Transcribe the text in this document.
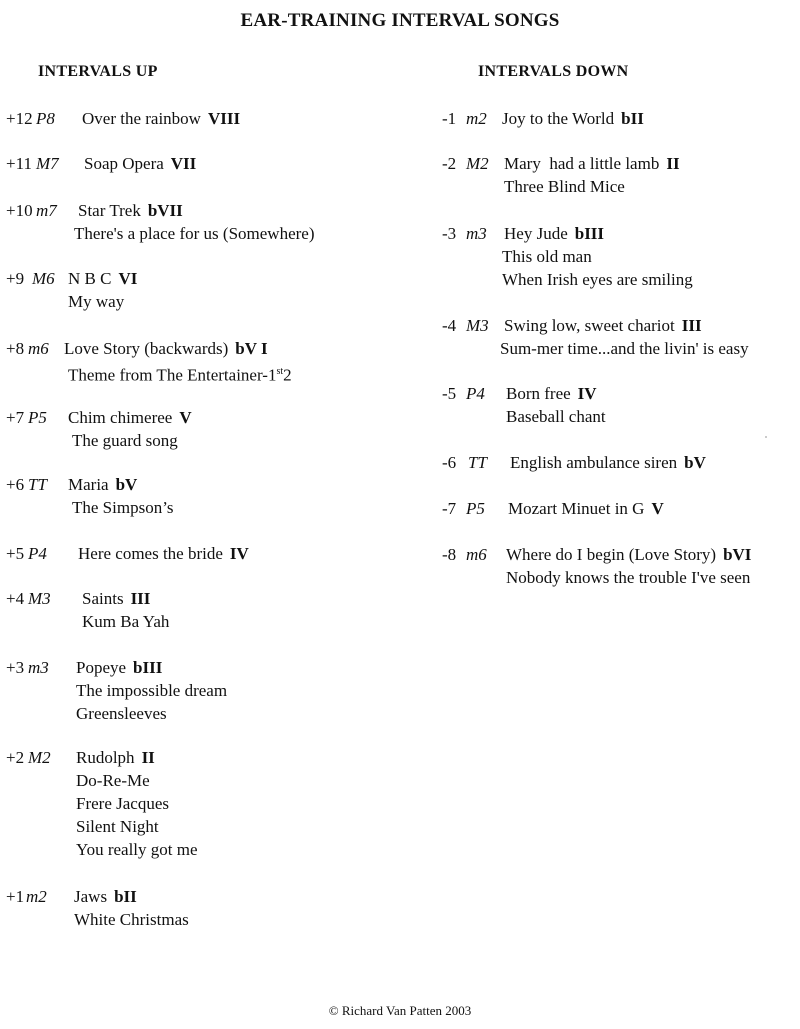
EAR-TRAINING INTERVAL SONGS
INTERVALS UP	INTERVALS DOWN
+12 P8 Over the rainbow VIII
+11 M7 Soap Opera VII
+10 m7 Star Trek bVII
There's a place for us (Somewhere)
+9 M6 N B C VI
My way
+8 m6 Love Story (backwards) bV I
Theme from The Entertainer-1st2
+7 P5 Chim chimeree V
The guard song
+6 TT Maria bV
The Simpson’s
+5 P4 Here comes the bride IV
+4 M3 Saints III
Kum Ba Yah
+3 m3 Popeye bIII
The impossible dream
Greensleeves
+2 M2 Rudolph II
Do-Re-Me
Frere Jacques
Silent Night
You really got me
+1 m2 Jaws bII
White Christmas
-1 m2 Joy to the World bII
-2 M2 Mary  had a little lamb II
Three Blind Mice
-3 m3 Hey Jude bIII
This old man
When Irish eyes are smiling
-4 M3 Swing low, sweet chariot III
Sum-mer time...and the livin' is easy
-5 P4 Born free IV
Baseball chant
-6 TT English ambulance siren bV
-7 P5 Mozart Minuet in G V
-8 m6 Where do I begin (Love Story) bVI
Nobody knows the trouble I've seen
© Richard Van Patten 2003
